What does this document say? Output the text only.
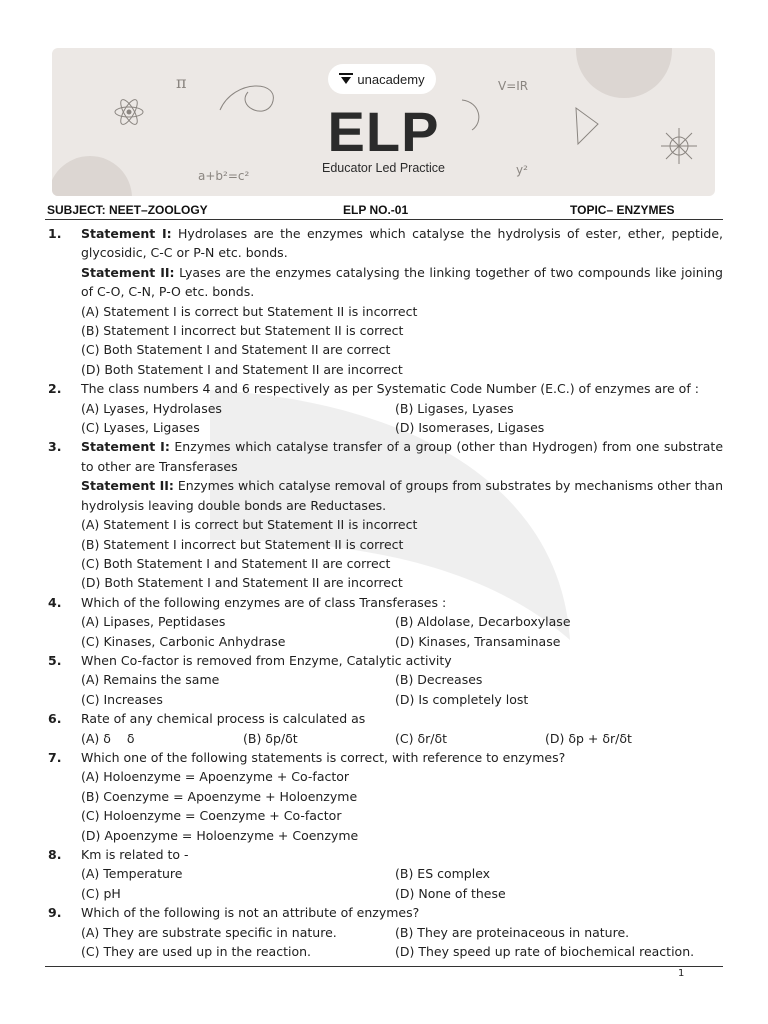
π	V=IR
a+b²=c²	y²
unacademy
ELP
Educator Led Practice
SUBJECT: NEET–ZOOLOGY	ELP NO.-01	TOPIC– ENZYMES
1. Statement I: Hydrolases are the enzymes which catalyse the hydrolysis of ester, ether, peptide, glycosidic, C-C or P-N etc. bonds.

Statement II: Lyases are the enzymes catalysing the linking together of two compounds like joining of C-O, C-N, P-O etc. bonds.

(A) Statement I is correct but Statement II is incorrect
(B) Statement I incorrect but Statement II is correct
(C) Both Statement I and Statement II are correct
(D) Both Statement I and Statement II are incorrect
2. The class numbers 4 and 6 respectively as per Systematic Code Number (E.C.) of enzymes are of :

(A) Lyases, Hydrolases	(B) Ligases, Lyases
(C) Lyases, Ligases	(D) Isomerases, Ligases
3. Statement I: Enzymes which catalyse transfer of a group (other than Hydrogen) from one substrate to other are Transferases

Statement II: Enzymes which catalyse removal of groups from substrates by mechanisms other than hydrolysis leaving double bonds are Reductases.

(A) Statement I is correct but Statement II is incorrect
(B) Statement I incorrect but Statement II is correct
(C) Both Statement I and Statement II are correct
(D) Both Statement I and Statement II are incorrect
4. Which of the following enzymes are of class Transferases :

(A) Lipases, Peptidases	(B) Aldolase, Decarboxylase
(C) Kinases, Carbonic Anhydrase	(D) Kinases, Transaminase
5. When Co-factor is removed from Enzyme, Catalytic activity

(A) Remains the same	(B) Decreases
(C) Increases	(D) Is completely lost
6. Rate of any chemical process is calculated as

(A) δ    δ	(B) δp/δt	(C) δr/δt	(D) δp + δr/δt
7. Which one of the following statements is correct, with reference to enzymes?

(A) Holoenzyme = Apoenzyme + Co-factor
(B) Coenzyme = Apoenzyme + Holoenzyme
(C) Holoenzyme = Coenzyme + Co-factor
(D) Apoenzyme = Holoenzyme + Coenzyme
8. Km is related to -

(A) Temperature	(B) ES complex
(C) pH	(D) None of these
9. Which of the following is not an attribute of enzymes?

(A) They are substrate specific in nature.	(B) They are proteinaceous in nature.
(C) They are used up in the reaction.	(D) They speed up rate of biochemical reaction.
1
